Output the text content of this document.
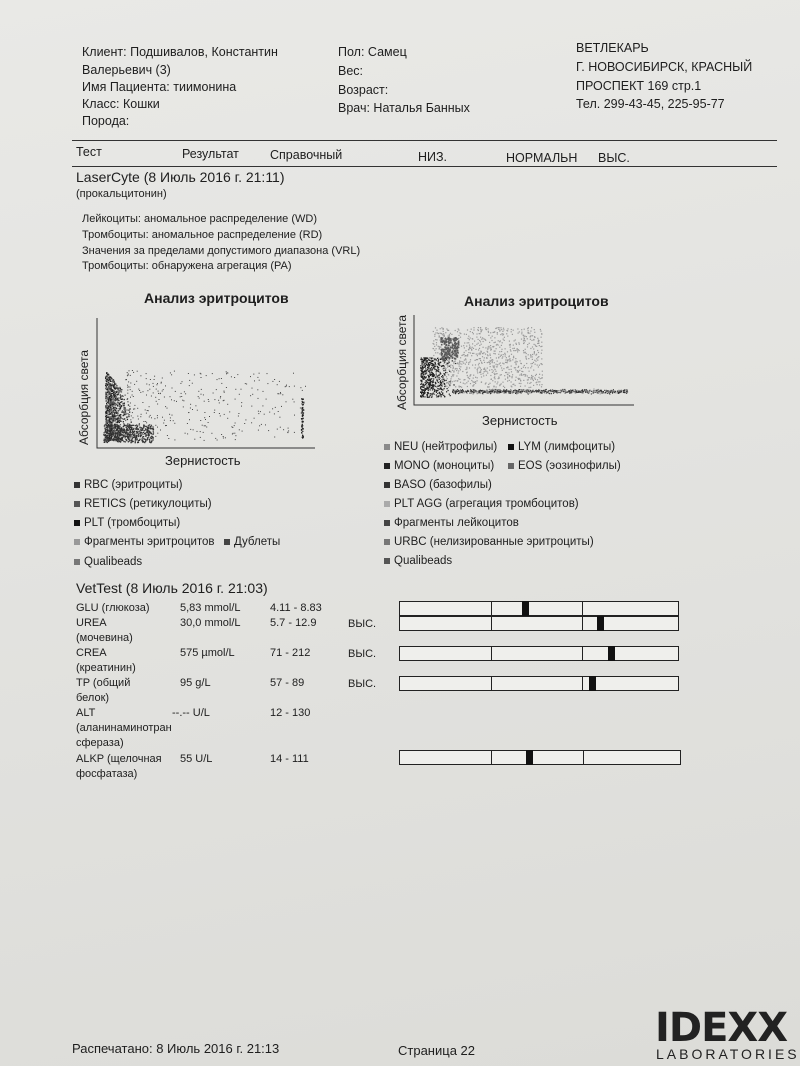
Клиент: Подшивалов, Константин
Валерьевич (3)
Имя Пациента: тиимонина
Класс: Кошки
Порода:
Пол: Самец
Вес:
Возраст:
Врач: Наталья Банных
ВЕТЛЕКАРЬ
Г. НОВОСИБИРСК, КРАСНЫЙ
ПРОСПЕКТ 169 стр.1
Тел. 299-43-45, 225-95-77
Тест	Результат Справочный	НИЗ.	НОРМАЛЬН ВЫС.
LaserCyte (8 Июль 2016 г. 21:11)
(прокальцитонин)
Лейкоциты: аномальное распределение (WD)
Тромбоциты: аномальное распределение (RD)
Значения за пределами допустимого диапазона (VRL)
Тромбоциты: обнаружена агрегация (PA)
Анализ эритроцитов
Абсорбция света
Зернистость
Анализ эритроцитов
Абсорбция света
Зернистость
RBC (эритроциты)
RETICS (ретикулоциты)
PLT (тромбоциты)
Фрагменты эритроцитов	Дублеты
Qualibeads
NEU (нейтрофилы)	LYM (лимфоциты)
MONO (моноциты)	EOS (эозинофилы)
BASO (базофилы)
PLT AGG (агрегация тромбоцитов)
Фрагменты лейкоцитов
URBC (нелизированные эритроциты)
Qualibeads
VetTest (8 Июль 2016 г. 21:03)
GLU (глюкоза)	5,83 mmol/L	4.11 - 8.83
UREA
(мочевина)
30,0 mmol/L	5.7 - 12.9	ВЫС.
CREA
(креатинин)
575 µmol/L	71 - 212	ВЫС.
TP (общий
белок)
95 g/L	57 - 89	ВЫС.
ALT
(аланинаминотран
сфераза)
--.-- U/L	12 - 130
ALKP (щелочная
фосфатаза)
55 U/L	14 - 111
Распечатано: 8 Июль 2016 г. 21:13	Страница 22	IDEXX
LABORATORIES
